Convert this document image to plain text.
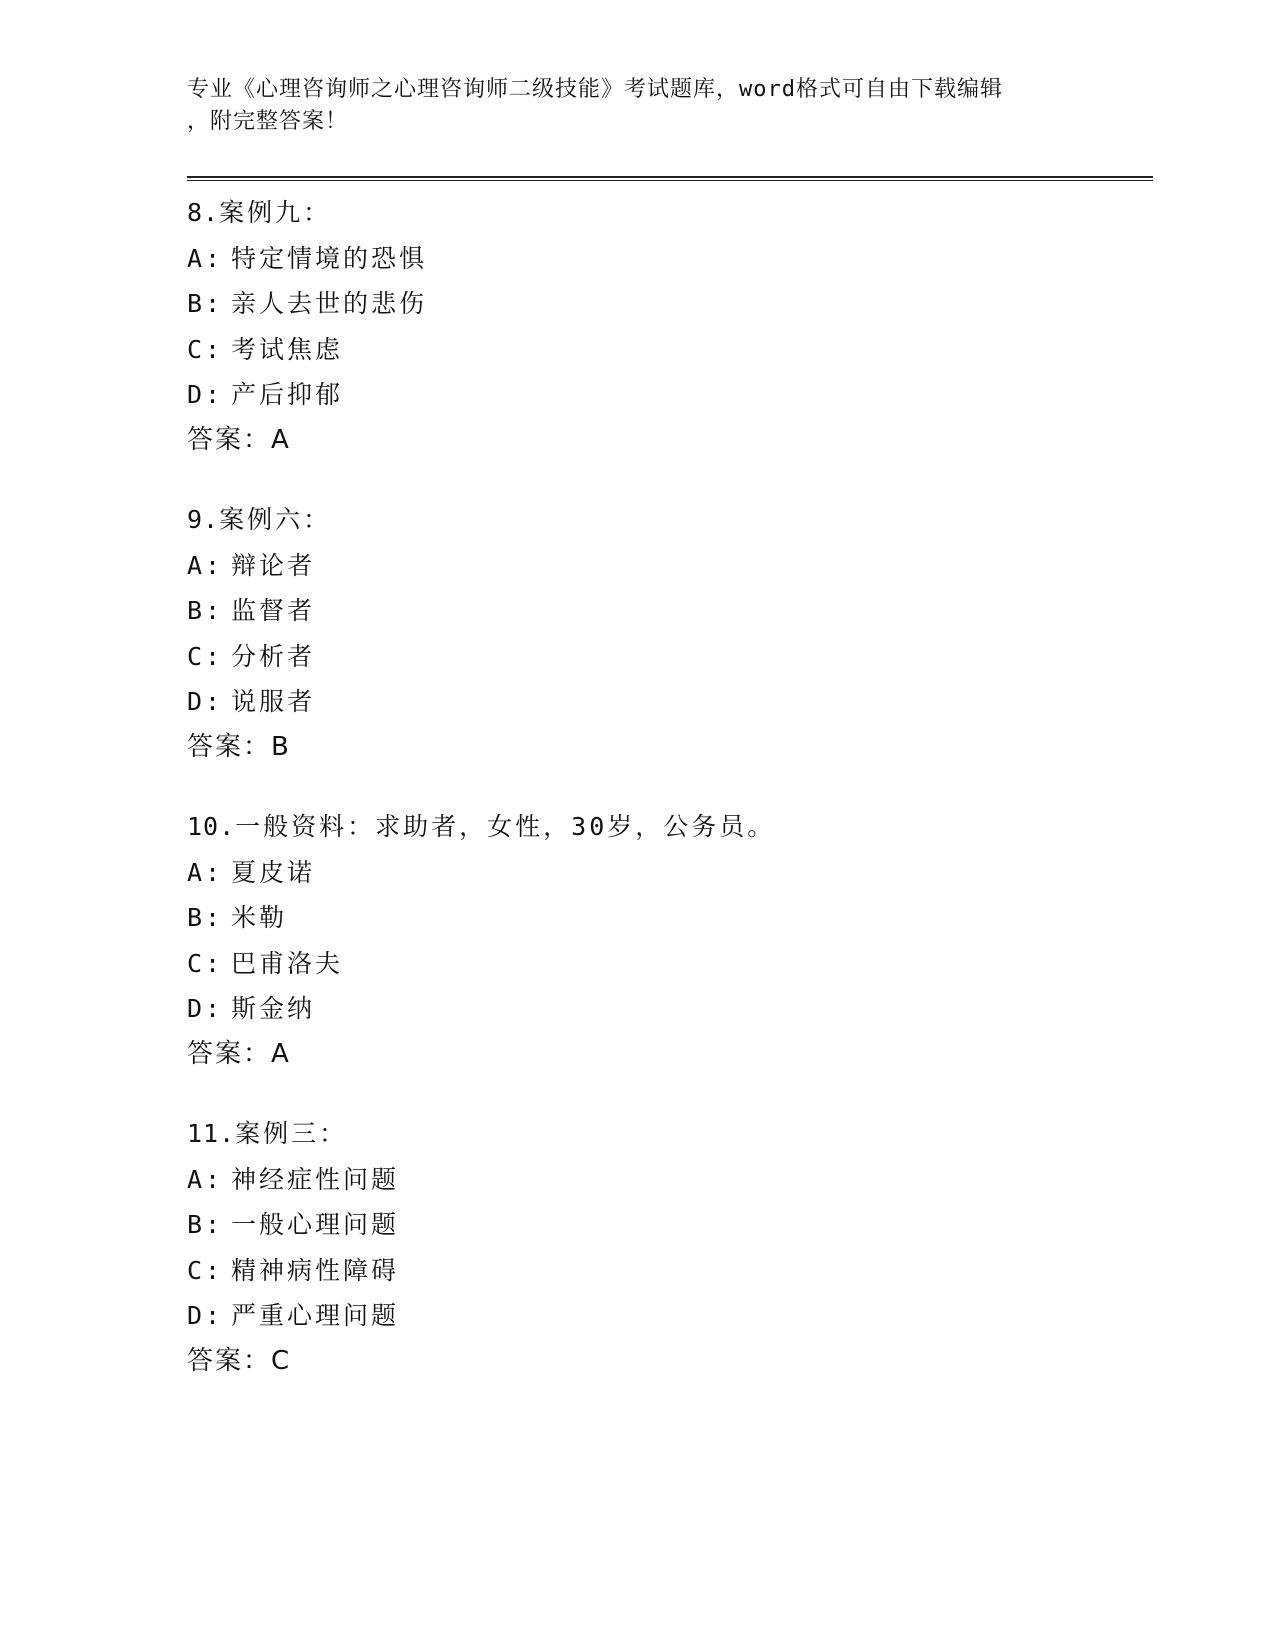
专业《心理咨询师之心理咨询师二级技能》考试题库，word格式可自由下载编辑
，附完整答案！
8.案例九：
A: 特定情境的恐惧
B: 亲人去世的悲伤
C: 考试焦虑
D: 产后抑郁
答案：A
9.案例六：
A: 辩论者
B: 监督者
C: 分析者
D: 说服者
答案：B
10.一般资料：求助者，女性，30岁，公务员。
A: 夏皮诺
B: 米勒
C: 巴甫洛夫
D: 斯金纳
答案：A
11.案例三：
A: 神经症性问题
B: 一般心理问题
C: 精神病性障碍
D: 严重心理问题
答案：C
